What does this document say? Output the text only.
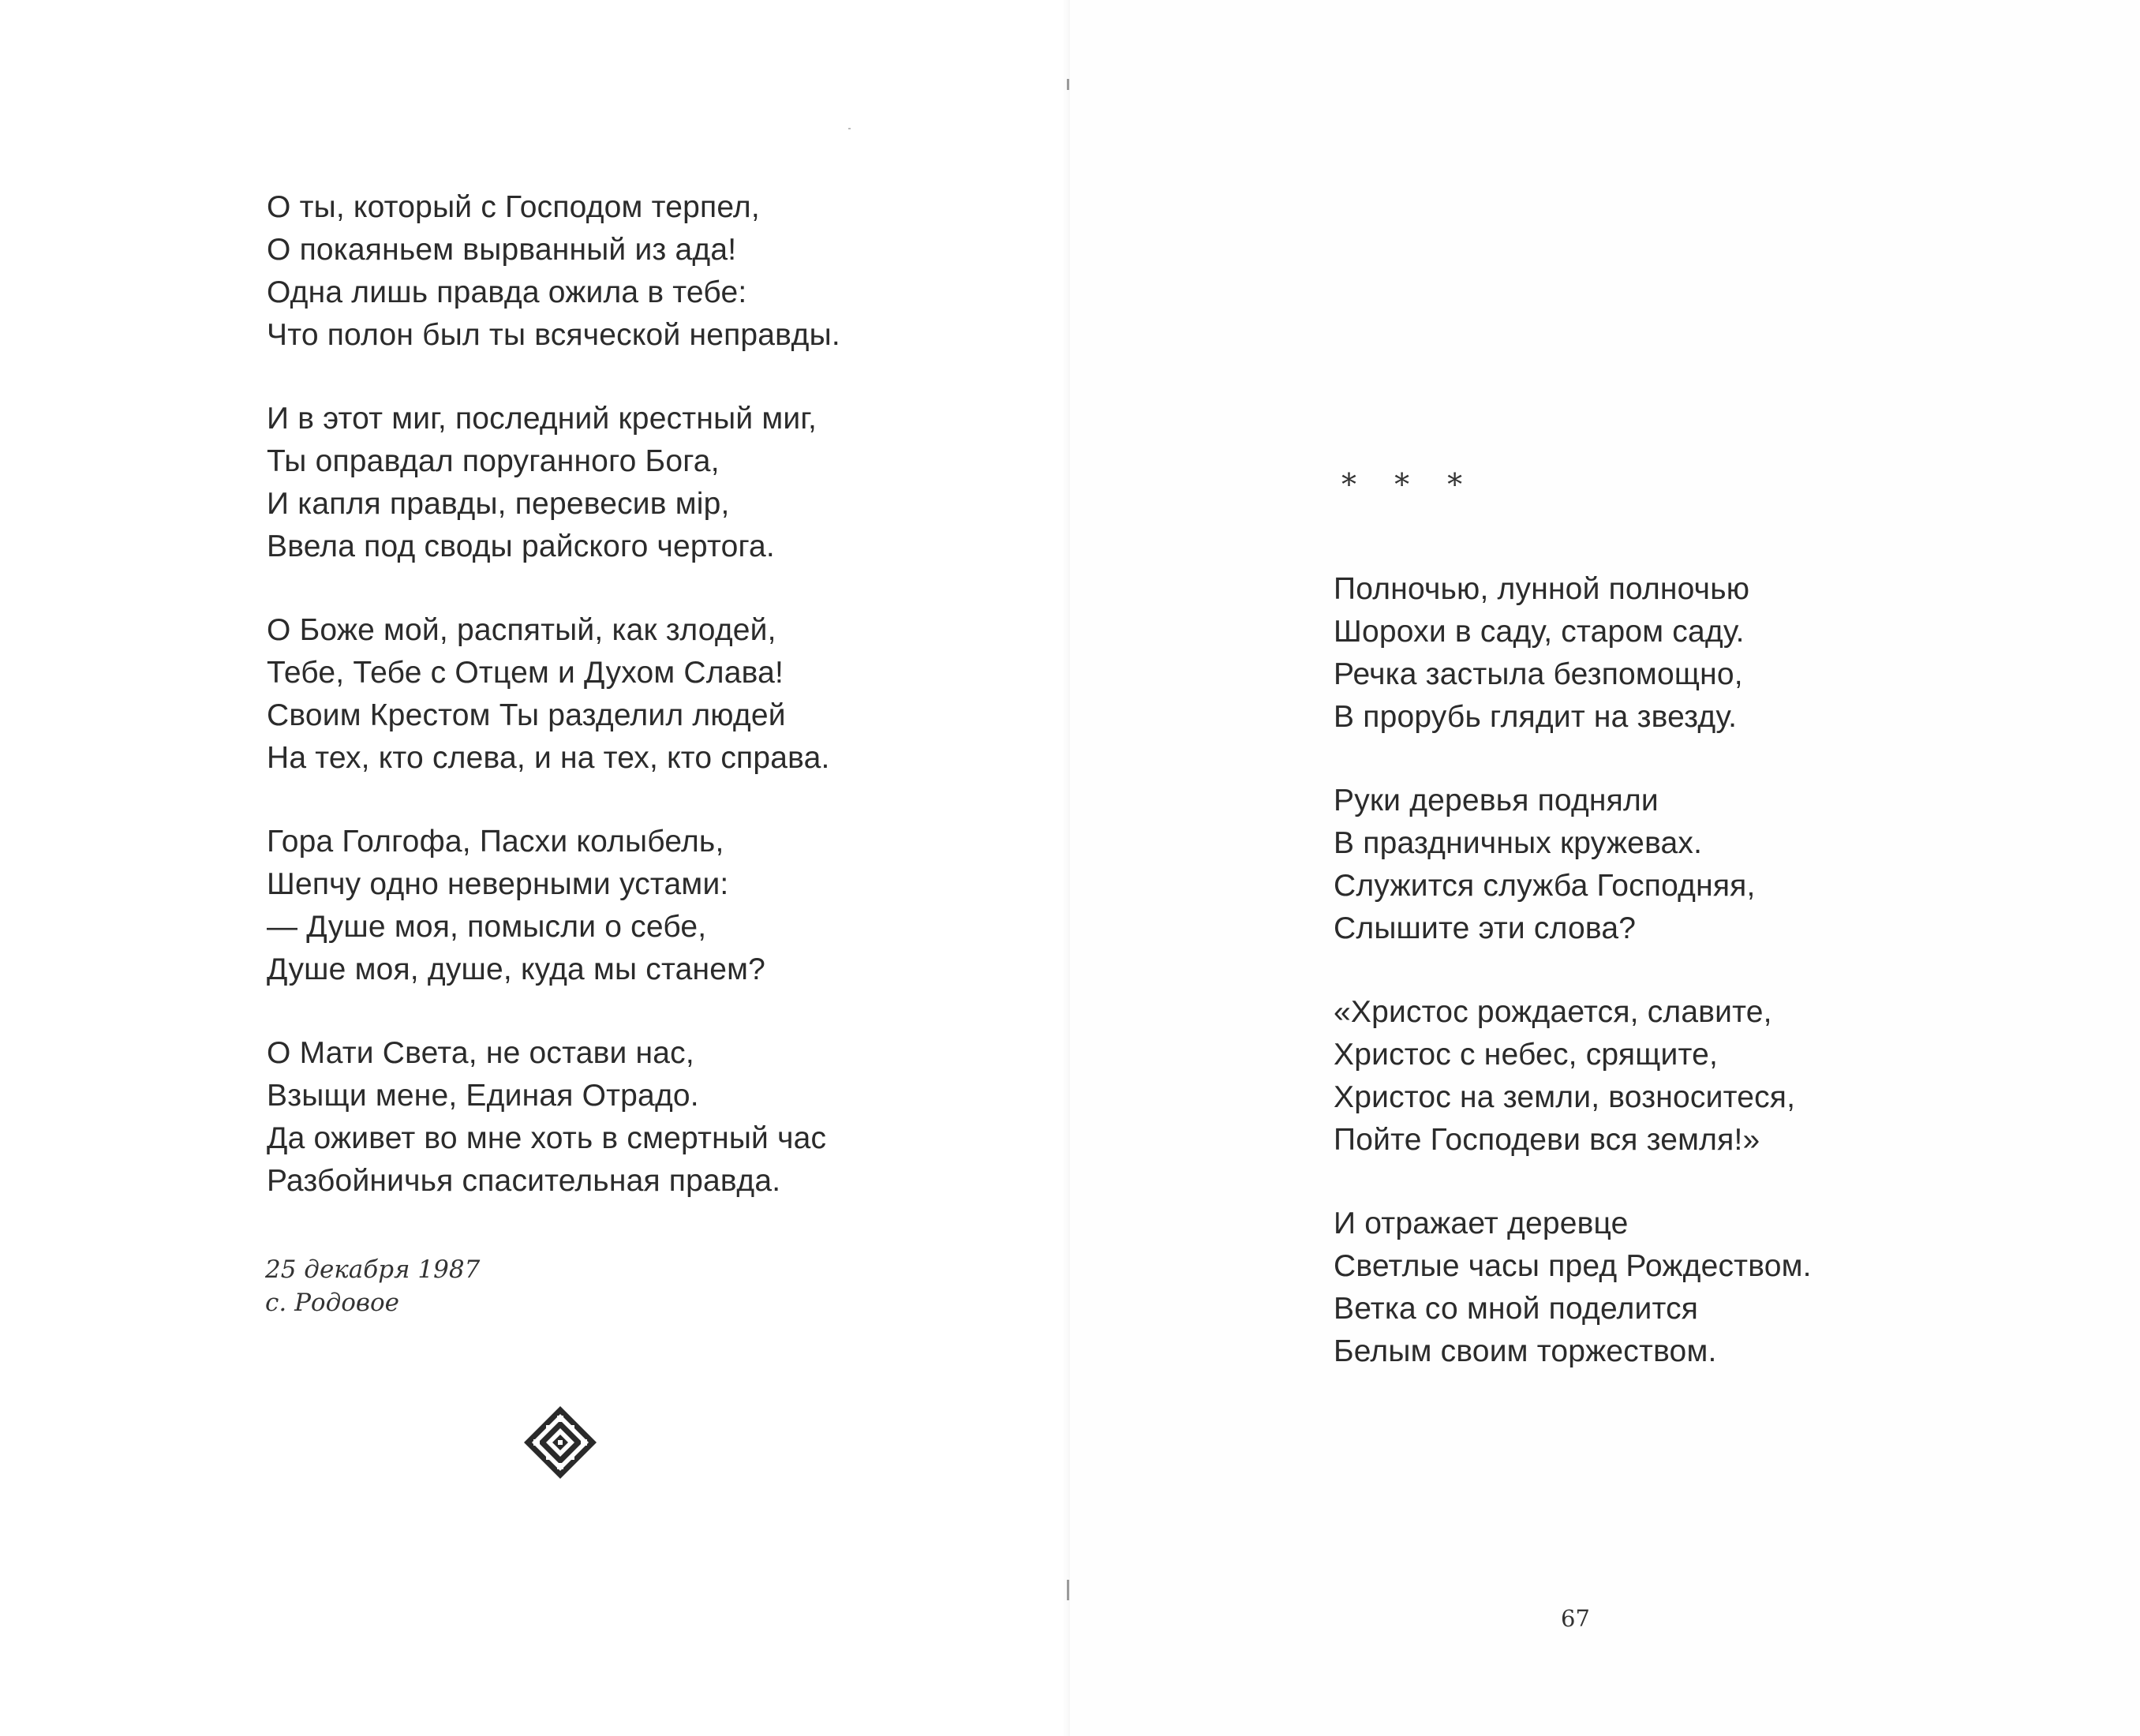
О ты, который с Господом терпел,
О покаяньем вырванный из ада!
Одна лишь правда ожила в тебе:
Что полон был ты всяческой неправды.
И в этот миг, последний крестный миг,
Ты оправдал поруганного Бога,
И капля правды, перевесив мір,
Ввела под своды райского чертога.
О Боже мой, распятый, как злодей,
Тебе, Тебе с Отцем и Духом Слава!
Своим Крестом Ты разделил людей
На тех, кто слева, и на тех, кто справа.
Гора Голгофа, Пасхи колыбель,
Шепчу одно неверными устами:
— Душе моя, помысли о себе,
Душе моя, душе, куда мы станем?
О Мати Света, не остави нас,
Взыщи мене, Единая Отрадо.
Да оживет во мне хоть в смертный час
Разбойничья спасительная правда.
25 декабря 1987
с. Родовое
* * *
Полночью, лунной полночью
Шорохи в саду, старом саду.
Речка застыла безпомощно,
В прорубь глядит на звезду.
Руки деревья подняли
В праздничных кружевах.
Служится служба Господняя,
Слышите эти слова?
«Христос рождается, славите,
Христос с небес, срящите,
Христос на земли, возноситеся,
Пойте Господеви вся земля!»
И отражает деревце
Светлые часы пред Рождеством.
Ветка со мной поделится
Белым своим торжеством.
67
